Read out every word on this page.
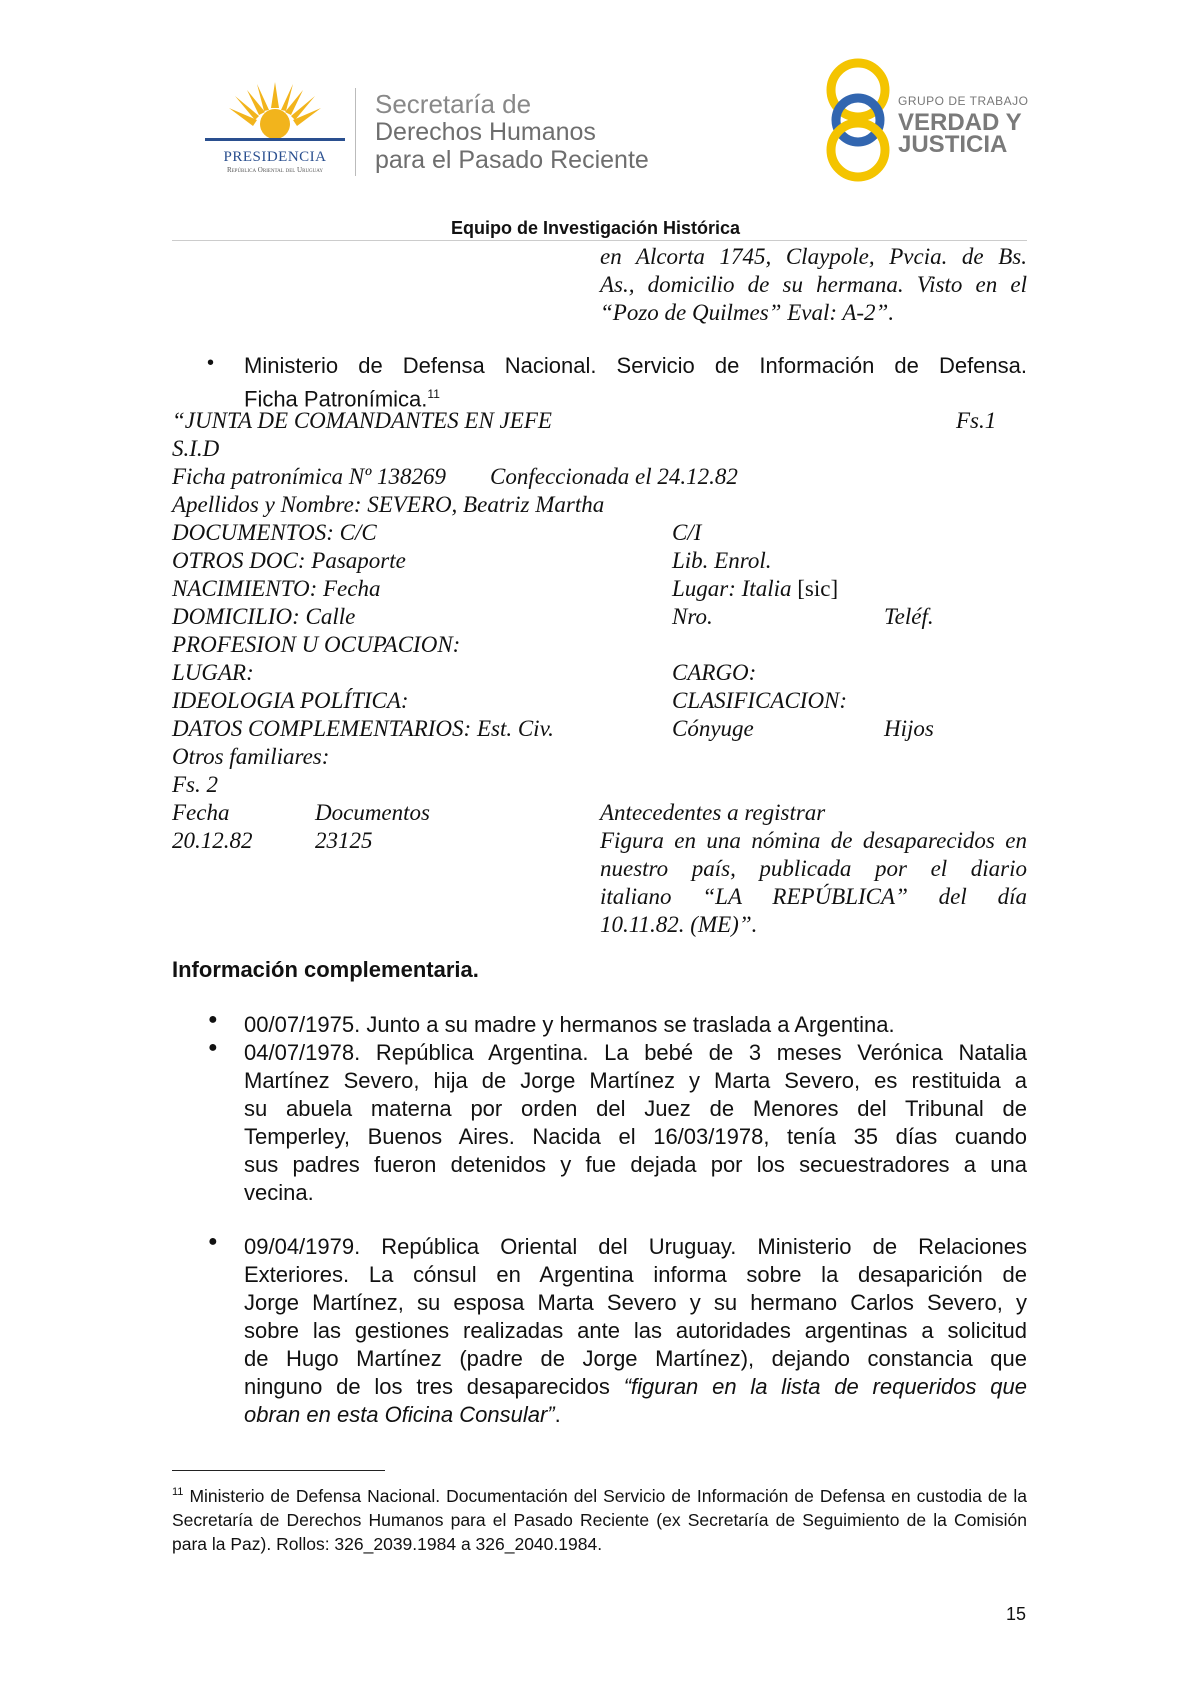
PRESIDENCIA
República Oriental del Uruguay
Secretaría de
Derechos Humanos
para el Pasado Reciente
GRUPO DE TRABAJO
VERDAD Y
JUSTICIA
Equipo de Investigación Histórica
en Alcorta 1745, Claypole, Pvcia. de Bs.
As., domicilio de su hermana. Visto en el
“Pozo de Quilmes” Eval: A-2”.
• Ministerio de Defensa Nacional. Servicio de Información de Defensa.
Ficha Patronímica.$^{11}$
“JUNTA DE COMANDANTES EN JEFE	Fs.1
S.I.D
Ficha patronímica Nº 138269 Confeccionada el 24.12.82
Apellidos y Nombre: SEVERO, Beatriz Martha
DOCUMENTOS: C/C	C/I
OTROS DOC: Pasaporte	Lib. Enrol.
NACIMIENTO: Fecha	Lugar: Italia [sic]
DOMICILIO: Calle	Nro.	Teléf.
PROFESION U OCUPACION:
LUGAR:	CARGO:
IDEOLOGIA POLÍTICA:	CLASIFICACION:
DATOS COMPLEMENTARIOS: Est. Civ.	Cónyuge	Hijos
Otros familiares:
Fs. 2
Fecha	Documentos	Antecedentes a registrar
20.12.82	23125	Figura en una nómina de desaparecidos en
nuestro país, publicada por el diario
italiano “LA REPÚBLICA” del día
10.11.82. (ME)”.
Información complementaria.
● 00/07/1975. Junto a su madre y hermanos se traslada a Argentina.
● 04/07/1978. República Argentina. La bebé de 3 meses Verónica Natalia
Martínez Severo, hija de Jorge Martínez y Marta Severo, es restituida a
su abuela materna por orden del Juez de Menores del Tribunal de
Temperley, Buenos Aires. Nacida el 16/03/1978, tenía 35 días cuando
sus padres fueron detenidos y fue dejada por los secuestradores a una
vecina.
● 09/04/1979. República Oriental del Uruguay. Ministerio de Relaciones
Exteriores. La cónsul en Argentina informa sobre la desaparición de
Jorge Martínez, su esposa Marta Severo y su hermano Carlos Severo, y
sobre las gestiones realizadas ante las autoridades argentinas a solicitud
de Hugo Martínez (padre de Jorge Martínez), dejando constancia que
ninguno de los tres desaparecidos “figuran en la lista de requeridos que
obran en esta Oficina Consular”.
$^{11}$ Ministerio de Defensa Nacional. Documentación del Servicio de Información de Defensa en custodia de la Secretaría de Derechos Humanos para el Pasado Reciente (ex Secretaría de Seguimiento de la Comisión para la Paz). Rollos: 326_2039.1984 a 326_2040.1984.
15
